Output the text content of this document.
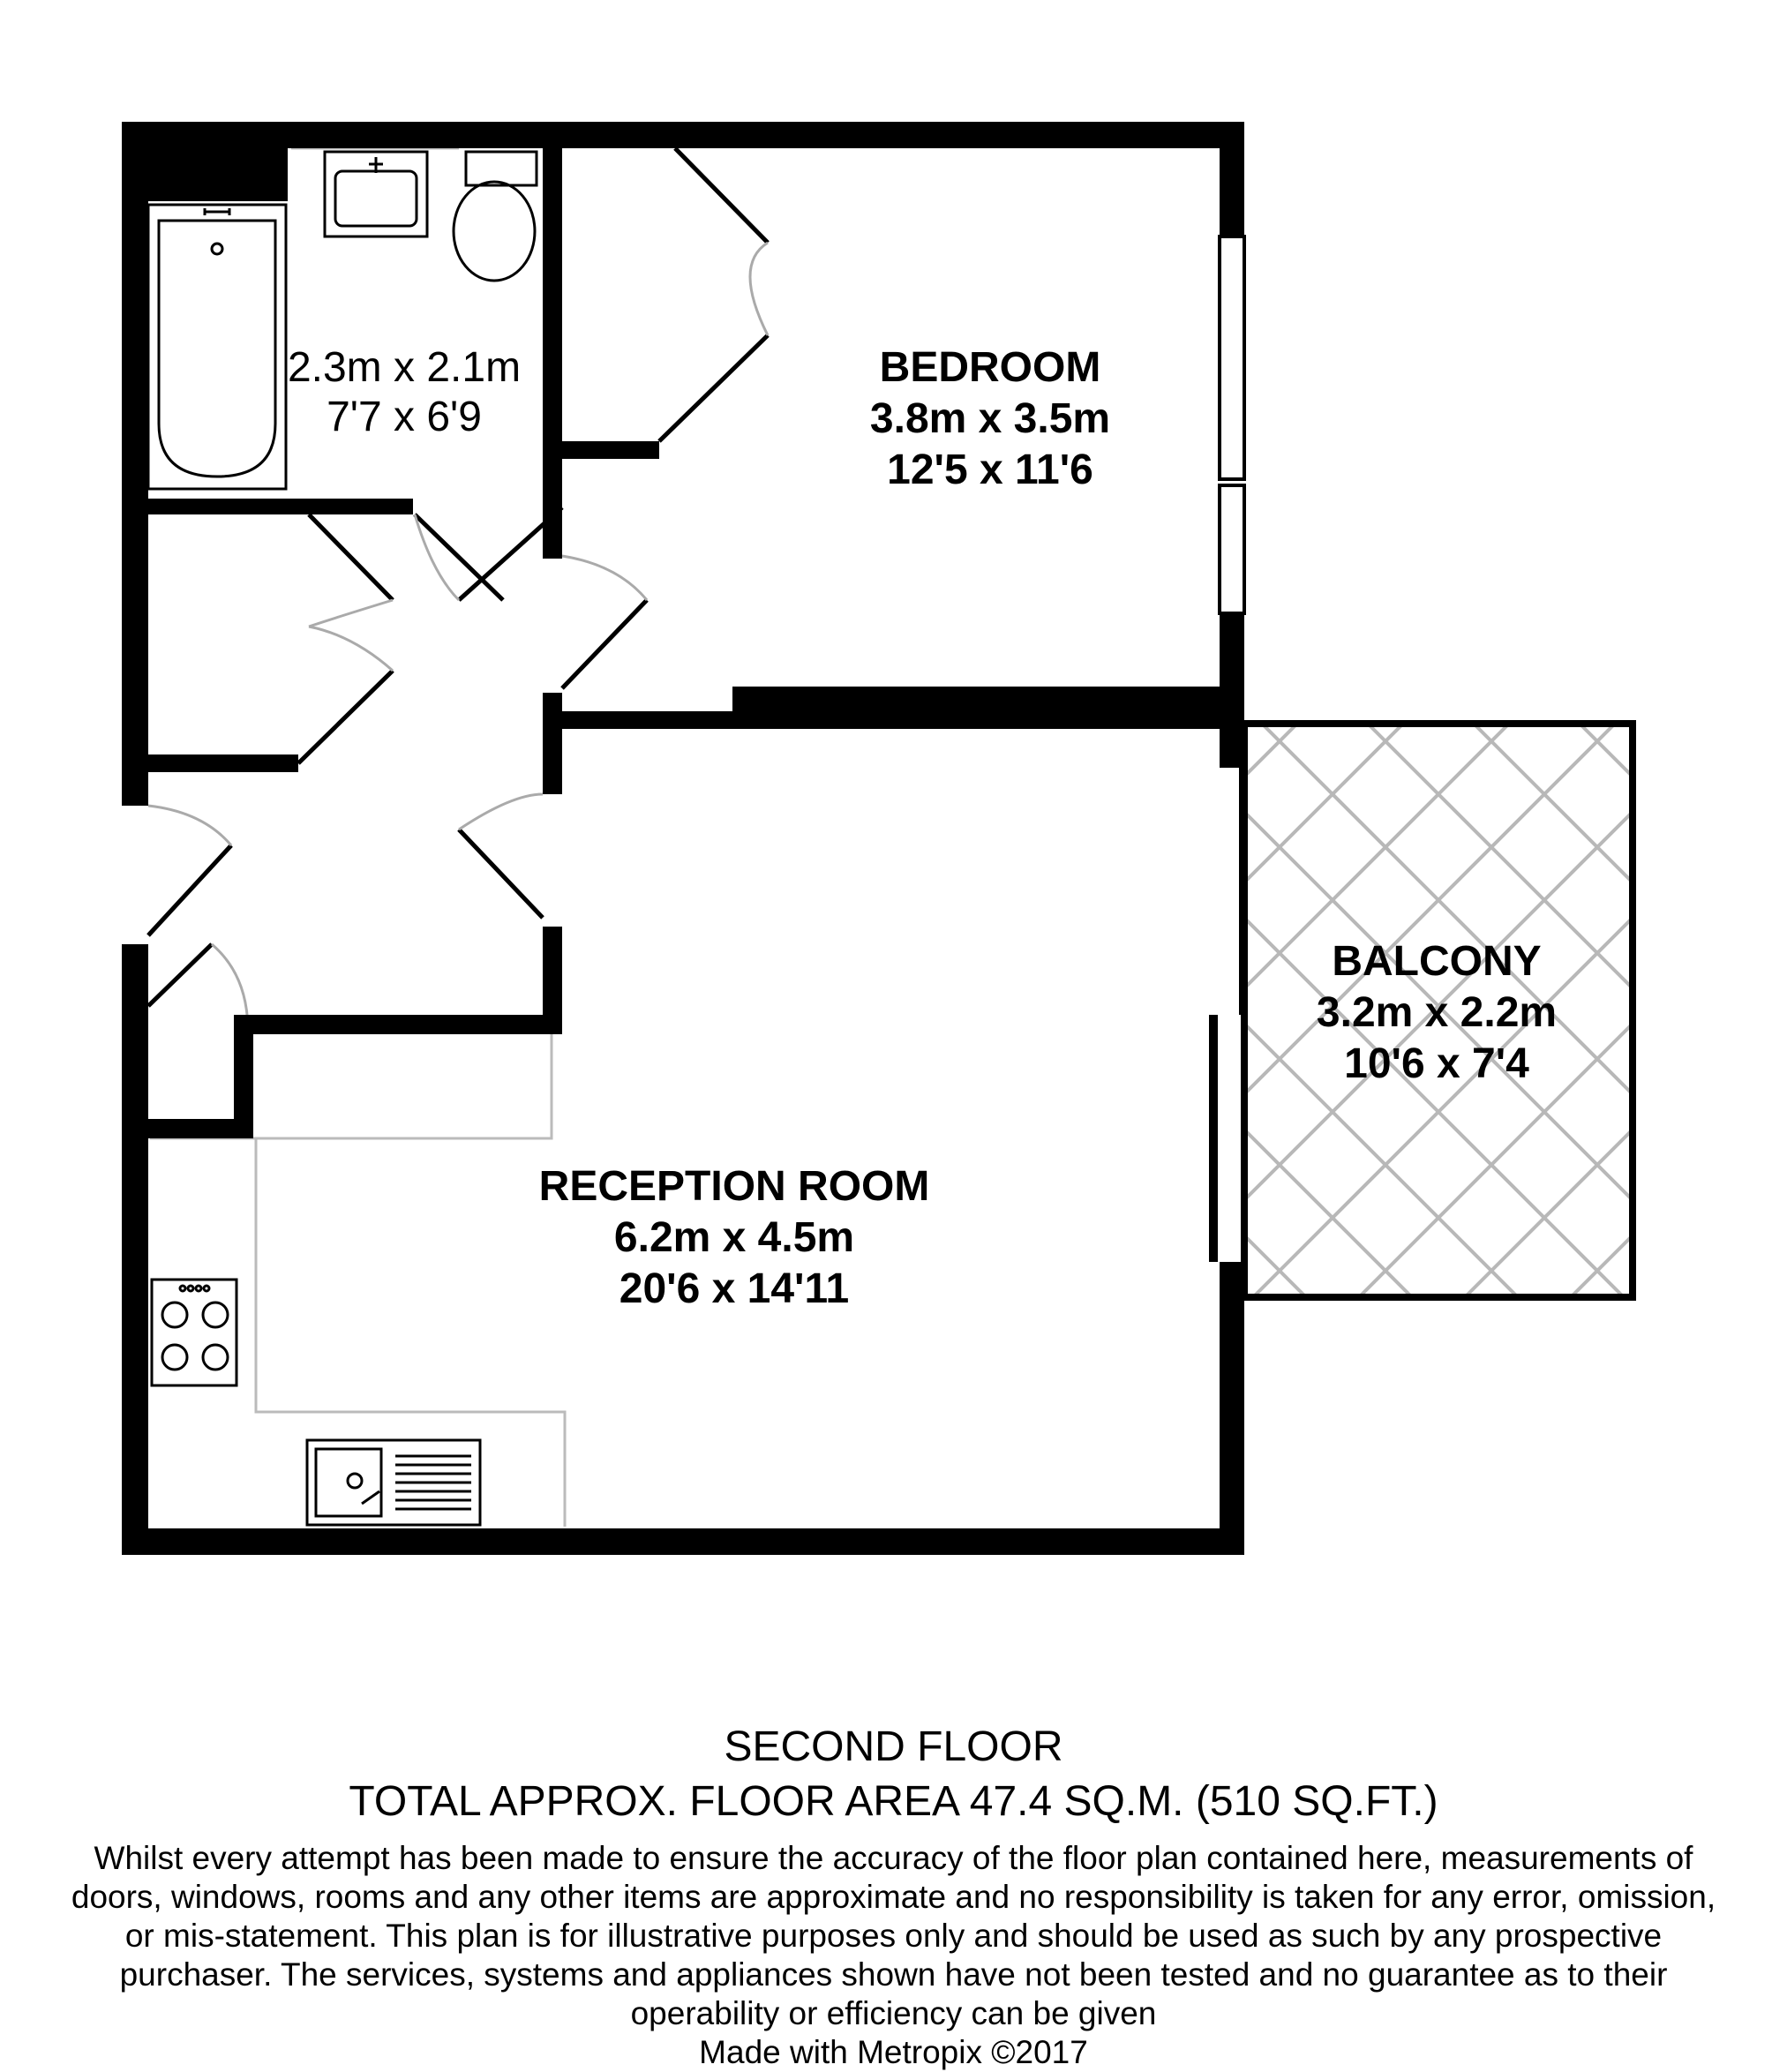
2.3m x 2.1m
7'7 x 6'9
BEDROOM
3.8m x 3.5m
12'5 x 11'6
BALCONY
3.2m x 2.2m
10'6 x 7'4
RECEPTION ROOM
6.2m x 4.5m
20'6 x 14'11

SECOND FLOOR

TOTAL APPROX. FLOOR AREA 47.4 SQ.M. (510 SQ.FT.)

Whilst every attempt has been made to ensure the accuracy of the floor plan contained here, measurements of doors, windows, rooms and any other items are approximate and no responsibility is taken for any error, omission, or mis-statement. This plan is for illustrative purposes only and should be used as such by any prospective purchaser. The services, systems and appliances shown have not been tested and no guarantee as to their operability or efficiency can be given

Made with Metropix ©2017
